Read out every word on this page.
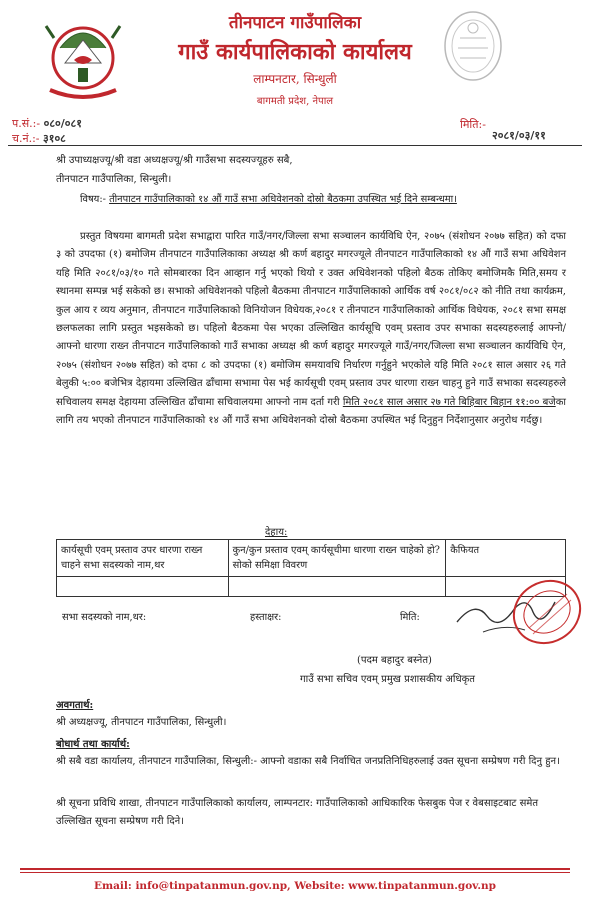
तीनपाटन गाउँपालिका
गाउँ कार्यपालिकाको कार्यालय
लाम्पनटार, सिन्धुली
बागमती प्रदेश, नेपाल
प.सं.:- ०८०/०८१
च.नं.:- ३१०८
मिति:-
२०८१/०३/११
श्री उपाध्यक्षज्यू/श्री वडा अध्यक्षज्यू/श्री गाउँसभा सदस्यज्यूहरु सबै,
तीनपाटन गाउँपालिका, सिन्धुली।
विषय:- तीनपाटन गाउँपालिकाको १४ औं गाउँ सभा अधिवेशनको दोस्रो बैठकमा उपस्थित भई दिने सम्बन्धमा।
प्रस्तुत विषयमा बागमती प्रदेश सभाद्वारा पारित गाउँ/नगर/जिल्ला सभा सञ्चालन कार्यविधि ऐन, २०७५ (संशोधन २०७७ सहित) को दफा ३ को उपदफा (१) बमोजिम तीनपाटन गाउँपालिकाका अध्यक्ष श्री कर्ण बहादुर मगरज्यूले तीनपाटन गाउँपालिकाको १४ औं गाउँ सभा अधिवेशन यहि मिति २०८१/०३/१० गते सोमबारका दिन आव्हान गर्नु भएको थियो र उक्त अधिवेशनको पहिलो बैठक तोकिए बमोजिमकै मिति,समय र स्थानमा सम्पन्न भई सकेको छ। सभाको अधिवेशनको पहिलो बैठकमा तीनपाटन गाउँपालिकाको आर्थिक वर्ष २०८१/०८२ को नीति तथा कार्यक्रम, कुल आय र व्यय अनुमान, तीनपाटन गाउँपालिकाको विनियोजन विधेयक,२०८१ र तीनपाटन गाउँपालिकाको आर्थिक विधेयक, २०८१ सभा समक्ष छलफलका लागि प्रस्तुत भइसकेको छ। पहिलो बैठकमा पेस भएका उल्लिखित कार्यसूचि एवम् प्रस्ताव उपर सभाका सदस्यहरुलाई आफ्नो/आफ्नो धारणा राख्न तीनपाटन गाउँपालिकाको गाउँ सभाका अध्यक्ष श्री कर्ण बहादुर मगरज्यूले गाउँ/नगर/जिल्ला सभा सञ्चालन कार्यविधि ऐन, २०७५ (संशोधन २०७७ सहित) को दफा ८ को उपदफा (१) बमोजिम समयावधि निर्धारण गर्नुहुने भएकोले यहि मिति २०८१ साल असार २६ गते बेलुकी ५:०० बजेभित्र देहायमा उल्लिखित ढाँचामा सभामा पेस भई कार्यसूची एवम् प्रस्ताव उपर धारणा राख्न चाहनु हुने गाउँ सभाका सदस्यहरुले सचिवालय समक्ष देहायमा उल्लिखित ढाँचामा सचिवालयमा आफ्नो नाम दर्ता गरी मिति २०८१ साल असार २७ गते बिहिबार बिहान ११:०० बजेका लागि तय भएको तीनपाटन गाउँपालिकाको १४ औं गाउँ सभा अधिवेशनको दोस्रो बैठकमा उपस्थित भई दिनुहुन निर्देशानुसार अनुरोध गर्दछु।
देहाय:
कार्यसूची एवम् प्रस्ताव उपर धारणा राख्न चाहने सभा सदस्यको नाम,थर	कुन/कुन प्रस्ताव एवम् कार्यसूचीमा धारणा राख्न चाहेको हो? सोको समिक्षा विवरण	कैफियत

सभा सदस्यको नाम,थर:	हस्ताक्षर:	मिति:
(पदम बहादुर बस्नेत)
गाउँ सभा सचिव एवम् प्रमुख प्रशासकीय अधिकृत
अवगतार्थ:
श्री अध्यक्षज्यू, तीनपाटन गाउँपालिका, सिन्धुली।
बोधार्थ तथा कार्यार्थ:
श्री सबै वडा कार्यालय, तीनपाटन गाउँपालिका, सिन्धुली:- आफ्नो वडाका सबै निर्वाचित जनप्रतिनिधिहरुलाई उक्त सूचना सम्प्रेषण गरी दिनु हुन।
श्री सूचना प्रविधि शाखा, तीनपाटन गाउँपालिकाको कार्यालय, लाम्पनटार: गाउँपालिकाको आधिकारिक फेसबुक पेज र वेबसाइटबाट समेत उल्लिखित सूचना सम्प्रेषण गरी दिने।
Email: info@tinpatanmun.gov.np, Website: www.tinpatanmun.gov.np
